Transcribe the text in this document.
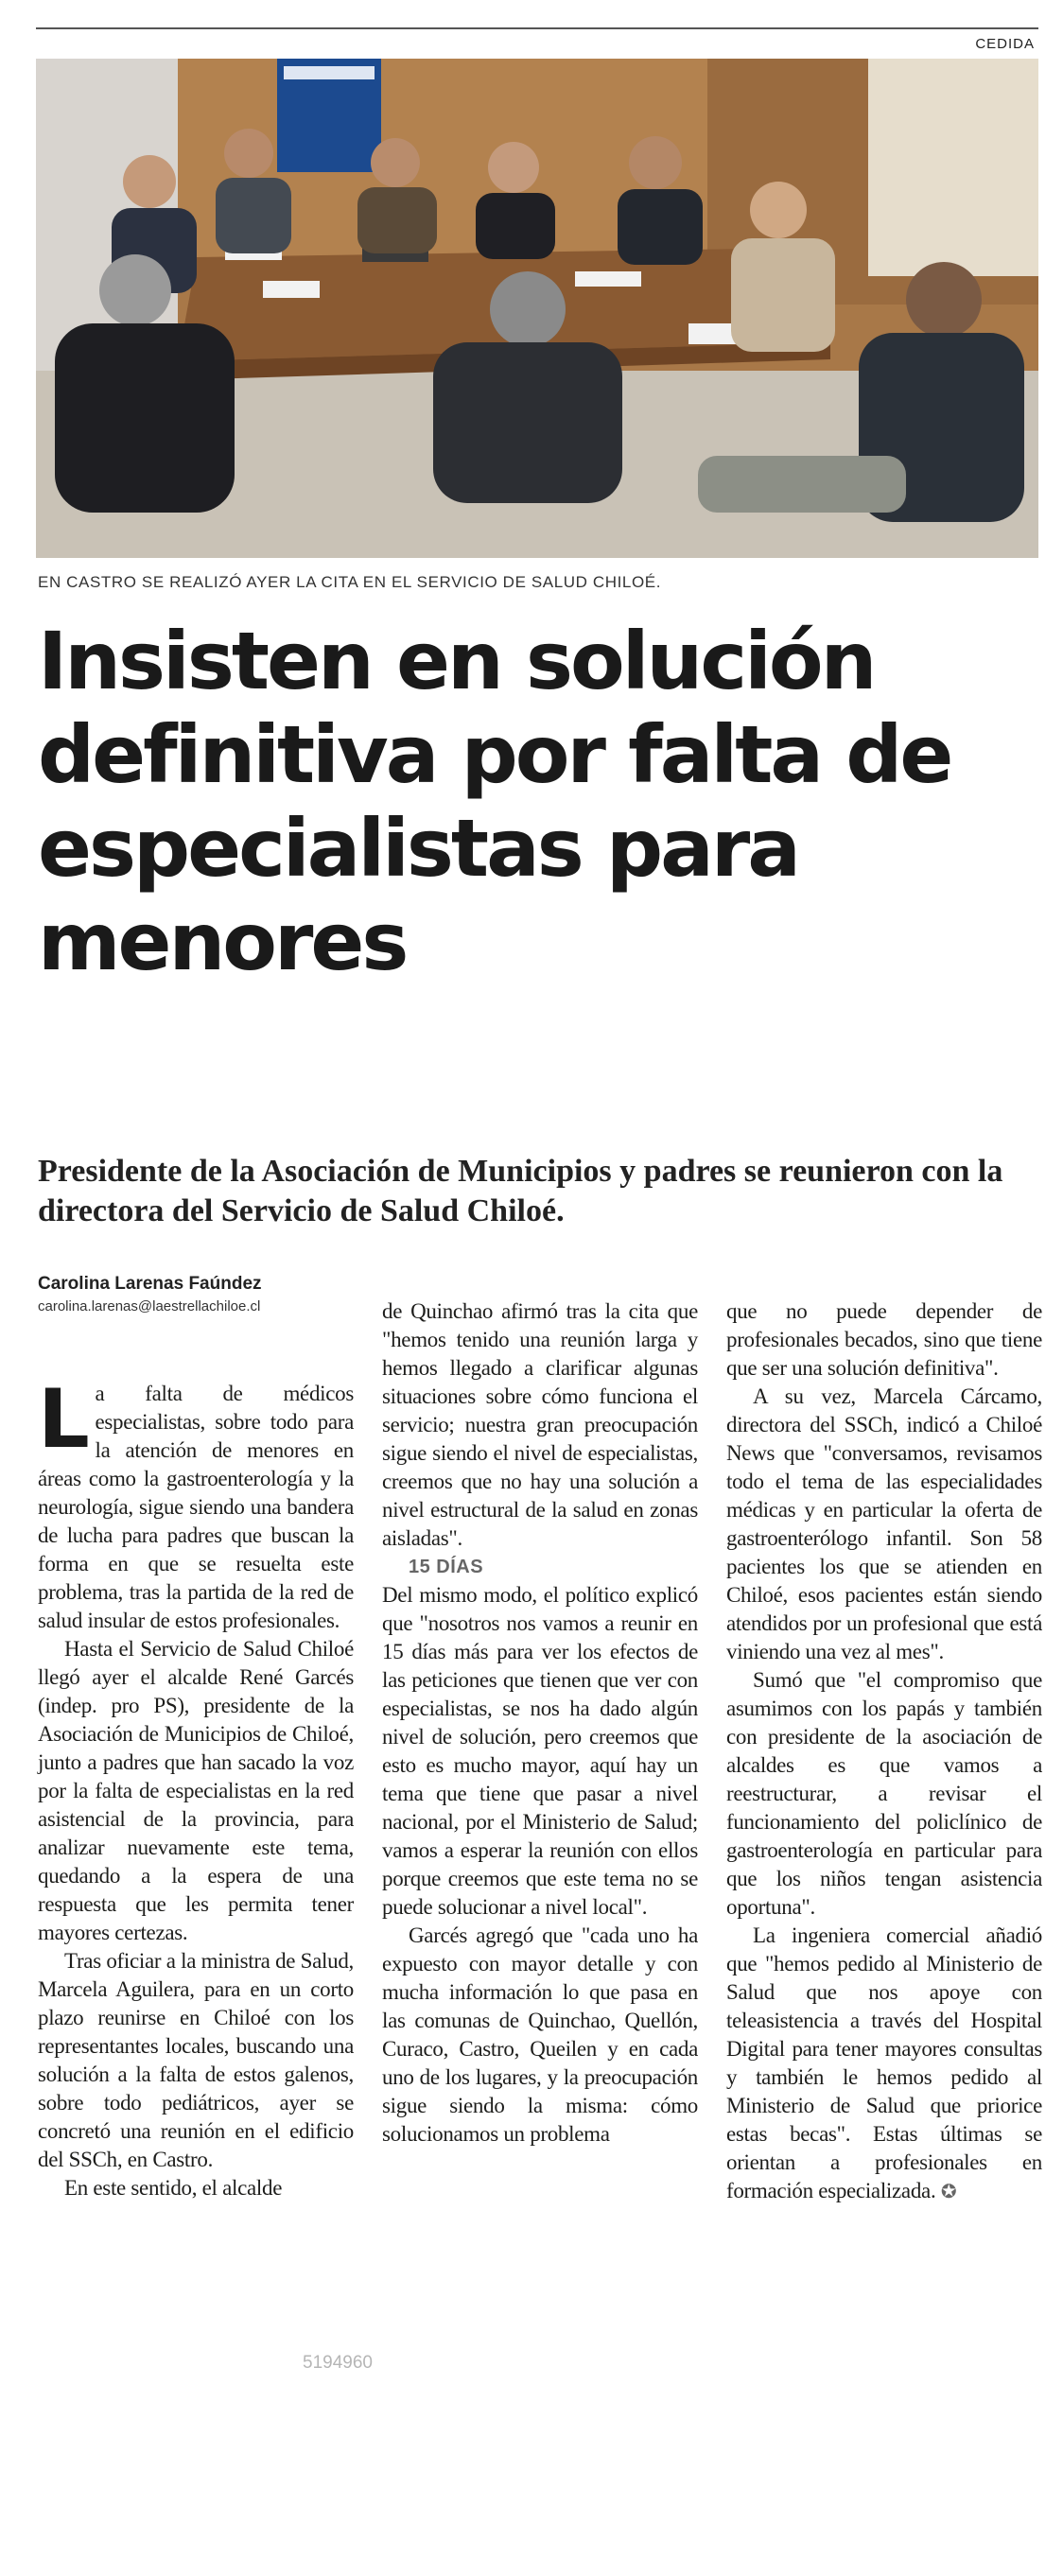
CEDIDA
EN CASTRO SE REALIZÓ AYER LA CITA EN EL SERVICIO DE SALUD CHILOÉ.
Insisten en solución definitiva por falta de especialistas para menores
Presidente de la Asociación de Municipios y padres se reunieron con la directora del Servicio de Salud Chiloé.
Carolina Larenas Faúndez
carolina.larenas@laestrellachiloe.cl

La falta de médicos especialistas, sobre todo para la atención de menores en áreas como la gastroenterología y la neurología, sigue siendo una bandera de lucha para padres que buscan la forma en que se resuelta este problema, tras la partida de la red de salud insular de estos profesionales.

Hasta el Servicio de Salud Chiloé llegó ayer el alcalde René Garcés (indep. pro PS), presidente de la Asociación de Municipios de Chiloé, junto a padres que han sacado la voz por la falta de especialistas en la red asistencial de la provincia, para analizar nuevamente este tema, quedando a la espera de una respuesta que les permita tener mayores certezas.

Tras oficiar a la ministra de Salud, Marcela Aguilera, para en un corto plazo reunirse en Chiloé con los representantes locales, buscando una solución a la falta de estos galenos, sobre todo pediátricos, ayer se concretó una reunión en el edificio del SSCh, en Castro.

En este sentido, el alcalde

de Quinchao afirmó tras la cita que "hemos tenido una reunión larga y hemos llegado a clarificar algunas situaciones sobre cómo funciona el servicio; nuestra gran preocupación sigue siendo el nivel de especialistas, creemos que no hay una solución a nivel estructural de la salud en zonas aisladas".

15 DÍAS

Del mismo modo, el político explicó que "nosotros nos vamos a reunir en 15 días más para ver los efectos de las peticiones que tienen que ver con especialistas, se nos ha dado algún nivel de solución, pero creemos que esto es mucho mayor, aquí hay un tema que tiene que pasar a nivel nacional, por el Ministerio de Salud; vamos a esperar la reunión con ellos porque creemos que este tema no se puede solucionar a nivel local".

Garcés agregó que "cada uno ha expuesto con mayor detalle y con mucha información lo que pasa en las comunas de Quinchao, Quellón, Curaco, Castro, Queilen y en cada uno de los lugares, y la preocupación sigue siendo la misma: cómo solucionamos un problema

que no puede depender de profesionales becados, sino que tiene que ser una solución definitiva".

A su vez, Marcela Cárcamo, directora del SSCh, indicó a Chiloé News que "conversamos, revisamos todo el tema de las especialidades médicas y en particular la oferta de gastroenterólogo infantil. Son 58 pacientes los que se atienden en Chiloé, esos pacientes están siendo atendidos por un profesional que está viniendo una vez al mes".

Sumó que "el compromiso que asumimos con los papás y también con presidente de la asociación de alcaldes es que vamos a reestructurar, a revisar el funcionamiento del policlínico de gastroenterología en particular para que los niños tengan asistencia oportuna".

La ingeniera comercial añadió que "hemos pedido al Ministerio de Salud que nos apoye con teleasistencia a través del Hospital Digital para tener mayores consultas y también le hemos pedido al Ministerio de Salud que priorice estas becas". Estas últimas se orientan a profesionales en formación especializada. ✪

5194960
